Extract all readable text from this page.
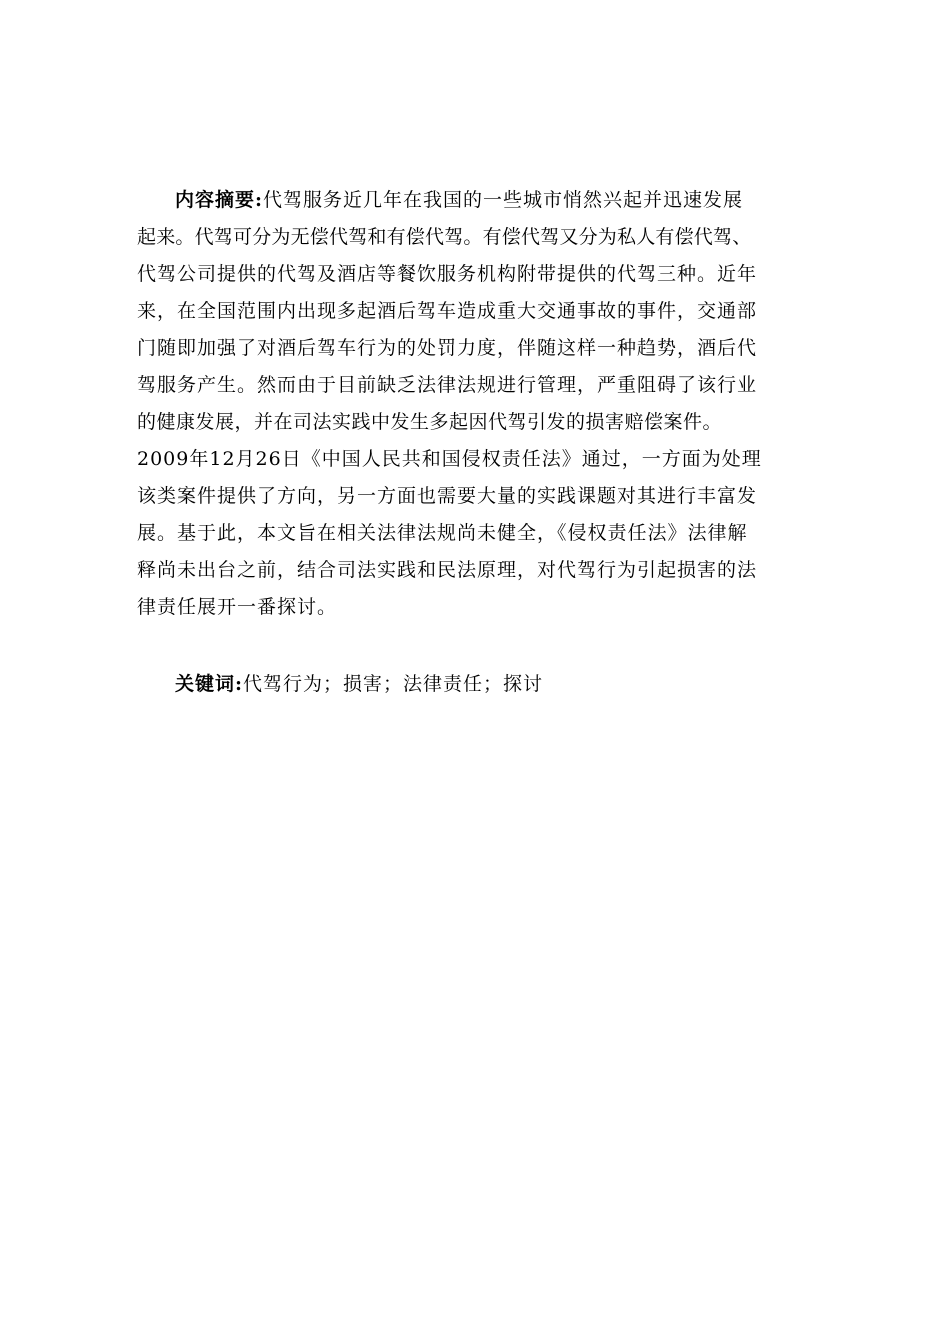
内容摘要:代驾服务近几年在我国的一些城市悄然兴起并迅速发展
起来。代驾可分为无偿代驾和有偿代驾。有偿代驾又分为私人有偿代驾、
代驾公司提供的代驾及酒店等餐饮服务机构附带提供的代驾三种。近年
来，在全国范围内出现多起酒后驾车造成重大交通事故的事件，交通部
门随即加强了对酒后驾车行为的处罚力度，伴随这样一种趋势，酒后代
驾服务产生。然而由于目前缺乏法律法规进行管理，严重阻碍了该行业
的健康发展，并在司法实践中发生多起因代驾引发的损害赔偿案件。
2009年12月26日《中国人民共和国侵权责任法》通过，一方面为处理
该类案件提供了方向，另一方面也需要大量的实践课题对其进行丰富发
展。基于此，本文旨在相关法律法规尚未健全，《侵权责任法》法律解
释尚未出台之前，结合司法实践和民法原理，对代驾行为引起损害的法
律责任展开一番探讨。
关键词:代驾行为；损害；法律责任；探讨
